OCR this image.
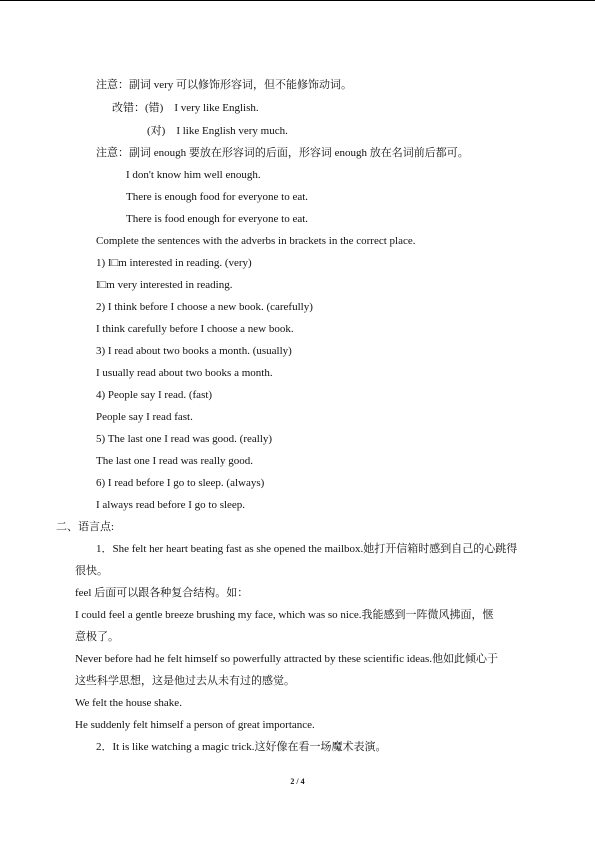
注意：副词 very 可以修饰形容词，但不能修饰动词。
改错：(错)　I very like English.
(对)　I like English very much.
注意：副词 enough 要放在形容词的后面，形容词 enough 放在名词前后都可。
I don't know him well enough.
There is enough food for everyone to eat.
There is food enough for everyone to eat.
Complete the sentences with the adverbs in brackets in the correct place.
1) I□m interested in reading. (very)
I□m very interested in reading.
2) I think before I choose a new book. (carefully)
I think carefully before I choose a new book.
3) I read about two books a month. (usually)
I usually read about two books a month.
4) People say I read. (fast)
People say I read fast.
5) The last one I read was good. (really)
The last one I read was really good.
6) I read before I go to sleep. (always)
I always read before I go to sleep.
二、语言点:
1．She felt her heart beating fast as she opened the mailbox.她打开信箱时感到自己的心跳得
很快。
feel 后面可以跟各种复合结构。如：
I could feel a gentle breeze brushing my face, which was so nice.我能感到一阵微风拂面，惬
意极了。
Never before had he felt himself so powerfully attracted by these scientific ideas.他如此倾心于
这些科学思想，这是他过去从未有过的感觉。
We felt the house shake.
He suddenly felt himself a person of great importance.
2．It is like watching a magic trick.这好像在看一场魔术表演。
2 / 4
